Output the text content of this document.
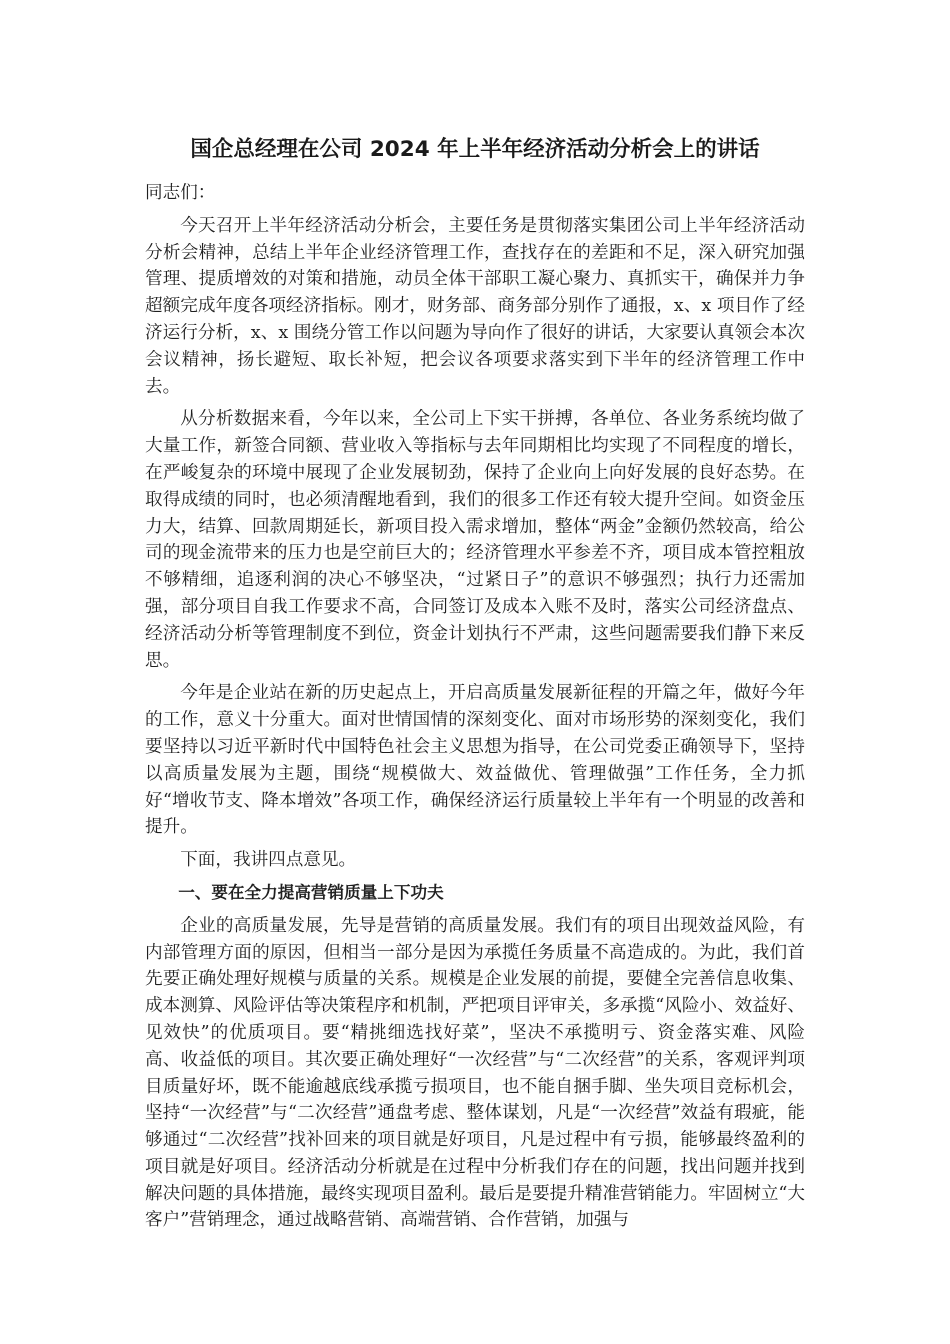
国企总经理在公司 2024 年上半年经济活动分析会上的讲话

同志们：

今天召开上半年经济活动分析会，主要任务是贯彻落实集团公司上半年经济活动分析会精神，总结上半年企业经济管理工作，查找存在的差距和不足，深入研究加强管理、提质增效的对策和措施，动员全体干部职工凝心聚力、真抓实干，确保并力争超额完成年度各项经济指标。刚才，财务部、商务部分别作了通报，x、x 项目作了经济运行分析，x、x 围绕分管工作以问题为导向作了很好的讲话，大家要认真领会本次会议精神，扬长避短、取长补短，把会议各项要求落实到下半年的经济管理工作中去。

从分析数据来看，今年以来，全公司上下实干拼搏，各单位、各业务系统均做了大量工作，新签合同额、营业收入等指标与去年同期相比均实现了不同程度的增长，在严峻复杂的环境中展现了企业发展韧劲，保持了企业向上向好发展的良好态势。在取得成绩的同时，也必须清醒地看到，我们的很多工作还有较大提升空间。如资金压力大，结算、回款周期延长，新项目投入需求增加，整体“两金”金额仍然较高，给公司的现金流带来的压力也是空前巨大的；经济管理水平参差不齐，项目成本管控粗放不够精细，追逐利润的决心不够坚决，“过紧日子”的意识不够强烈；执行力还需加强，部分项目自我工作要求不高，合同签订及成本入账不及时，落实公司经济盘点、经济活动分析等管理制度不到位，资金计划执行不严肃，这些问题需要我们静下来反思。

今年是企业站在新的历史起点上，开启高质量发展新征程的开篇之年，做好今年的工作，意义十分重大。面对世情国情的深刻变化、面对市场形势的深刻变化，我们要坚持以习近平新时代中国特色社会主义思想为指导，在公司党委正确领导下，坚持以高质量发展为主题，围绕“规模做大、效益做优、管理做强”工作任务，全力抓好“增收节支、降本增效”各项工作，确保经济运行质量较上半年有一个明显的改善和提升。

下面，我讲四点意见。

一、要在全力提高营销质量上下功夫

企业的高质量发展，先导是营销的高质量发展。我们有的项目出现效益风险，有内部管理方面的原因，但相当一部分是因为承揽任务质量不高造成的。为此，我们首先要正确处理好规模与质量的关系。规模是企业发展的前提，要健全完善信息收集、成本测算、风险评估等决策程序和机制，严把项目评审关，多承揽“风险小、效益好、见效快”的优质项目。要“精挑细选找好菜”，坚决不承揽明亏、资金落实难、风险高、收益低的项目。其次要正确处理好“一次经营”与“二次经营”的关系，客观评判项目质量好坏，既不能逾越底线承揽亏损项目，也不能自捆手脚、坐失项目竞标机会，坚持“一次经营”与“二次经营”通盘考虑、整体谋划，凡是“一次经营”效益有瑕疵，能够通过“二次经营”找补回来的项目就是好项目，凡是过程中有亏损，能够最终盈利的项目就是好项目。经济活动分析就是在过程中分析我们存在的问题，找出问题并找到解决问题的具体措施，最终实现项目盈利。最后是要提升精准营销能力。牢固树立“大客户”营销理念，通过战略营销、高端营销、合作营销，加强与
